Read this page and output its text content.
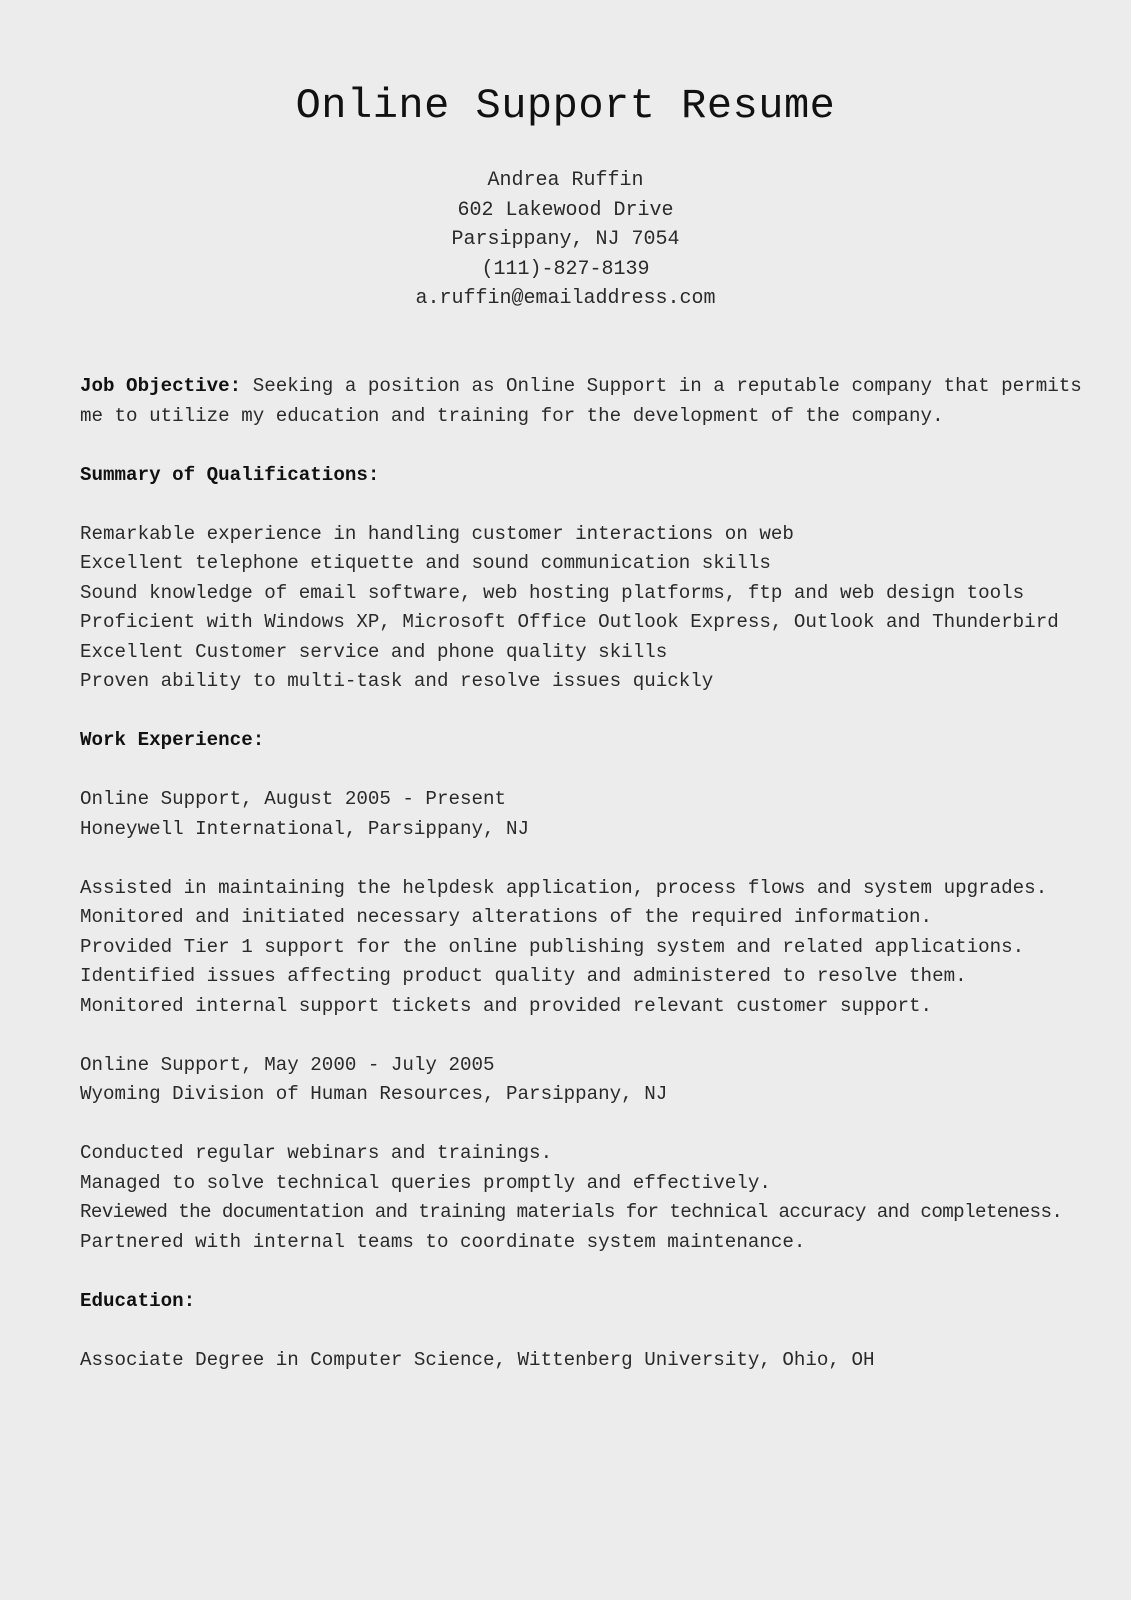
Online Support Resume
Andrea Ruffin
602 Lakewood Drive
Parsippany, NJ 7054
(111)-827-8139
a.ruffin@emailaddress.com
Job Objective: Seeking a position as Online Support in a reputable company that permits
me to utilize my education and training for the development of the company.
Summary of Qualifications:
Remarkable experience in handling customer interactions on web
Excellent telephone etiquette and sound communication skills
Sound knowledge of email software, web hosting platforms, ftp and web design tools
Proficient with Windows XP, Microsoft Office Outlook Express, Outlook and Thunderbird
Excellent Customer service and phone quality skills
Proven ability to multi-task and resolve issues quickly
Work Experience:
Online Support, August 2005 - Present
Honeywell International, Parsippany, NJ
Assisted in maintaining the helpdesk application, process flows and system upgrades.
Monitored and initiated necessary alterations of the required information.
Provided Tier 1 support for the online publishing system and related applications.
Identified issues affecting product quality and administered to resolve them.
Monitored internal support tickets and provided relevant customer support.
Online Support, May 2000 - July 2005
Wyoming Division of Human Resources, Parsippany, NJ
Conducted regular webinars and trainings.
Managed to solve technical queries promptly and effectively.
Reviewed the documentation and training materials for technical accuracy and completeness.
Partnered with internal teams to coordinate system maintenance.
Education:
Associate Degree in Computer Science, Wittenberg University, Ohio, OH
